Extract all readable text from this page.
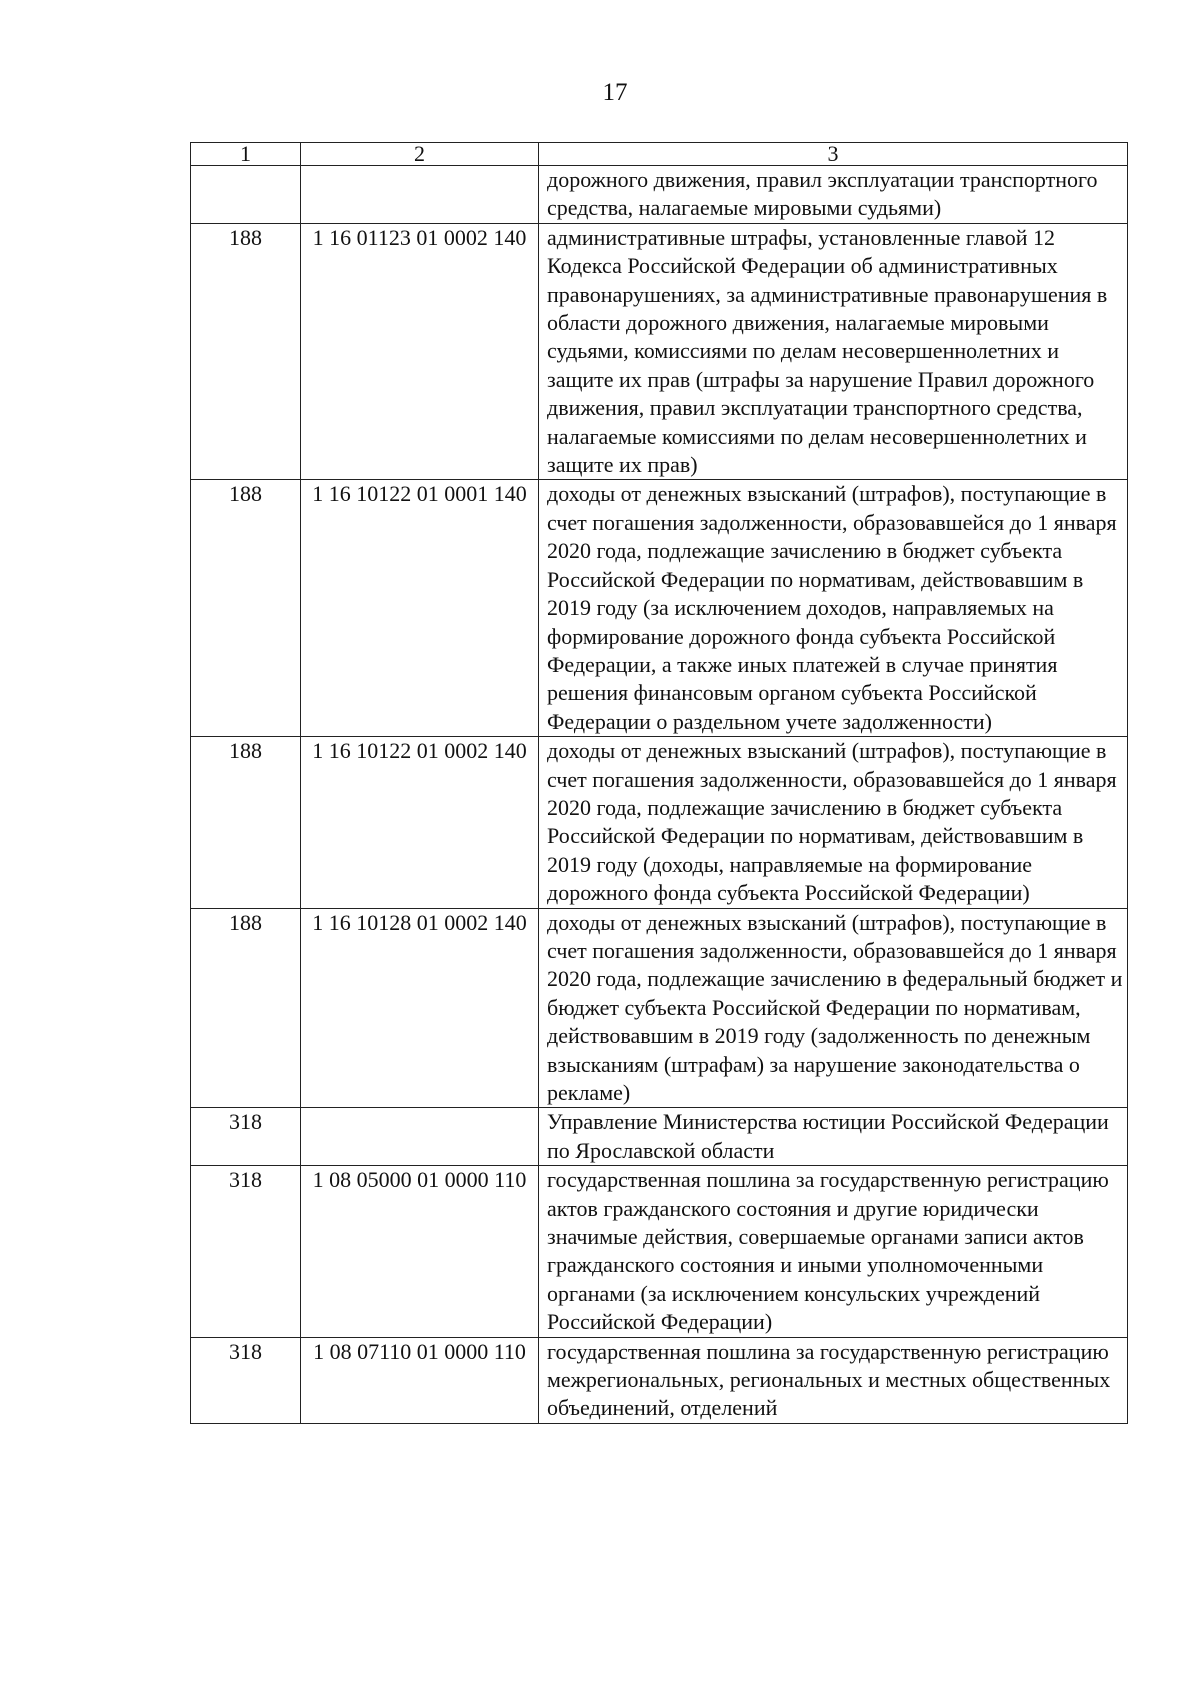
17
1	2	3
		дорожного движения, правил эксплуатации транспортного средства, налагаемые мировыми судьями)
188	1 16 01123 01 0002 140	административные штрафы, установленные главой 12 Кодекса Российской Федерации об административных правонарушениях, за административные правонарушения в области дорожного движения, налагаемые мировыми судьями, комиссиями по делам несовершеннолетних и защите их прав (штрафы за нарушение Правил дорожного движения, правил эксплуатации транспортного средства, налагаемые комиссиями по делам несовершеннолетних и защите их прав)
188	1 16 10122 01 0001 140	доходы от денежных взысканий (штрафов), поступающие в счет погашения задолженности, образовавшейся до 1 января 2020 года, подлежащие зачислению в бюджет субъекта Российской Федерации по нормативам, действовавшим в 2019 году (за исключением доходов, направляемых на формирование дорожного фонда субъекта Российской Федерации, а также иных платежей в случае принятия решения финансовым органом субъекта Российской Федерации о раздельном учете задолженности)
188	1 16 10122 01 0002 140	доходы от денежных взысканий (штрафов), поступающие в счет погашения задолженности, образовавшейся до 1 января 2020 года, подлежащие зачислению в бюджет субъекта Российской Федерации по нормативам, действовавшим в 2019 году (доходы, направляемые на формирование дорожного фонда субъекта Российской Федерации)
188	1 16 10128 01 0002 140	доходы от денежных взысканий (штрафов), поступающие в счет погашения задолженности, образовавшейся до 1 января 2020 года, подлежащие зачислению в федеральный бюджет и бюджет субъекта Российской Федерации по нормативам, действовавшим в 2019 году (задолженность по денежным взысканиям (штрафам) за нарушение законодательства о рекламе)
318		Управление Министерства юстиции Российской Федерации по Ярославской области
318	1 08 05000 01 0000 110	государственная пошлина за государственную регистрацию актов гражданского состояния и другие юридически значимые действия, совершаемые органами записи актов гражданского состояния и иными уполномоченными органами (за исключением консульских учреждений Российской Федерации)
318	1 08 07110 01 0000 110	государственная пошлина за государственную регистрацию межрегиональных, региональных и местных общественных объединений, отделений
